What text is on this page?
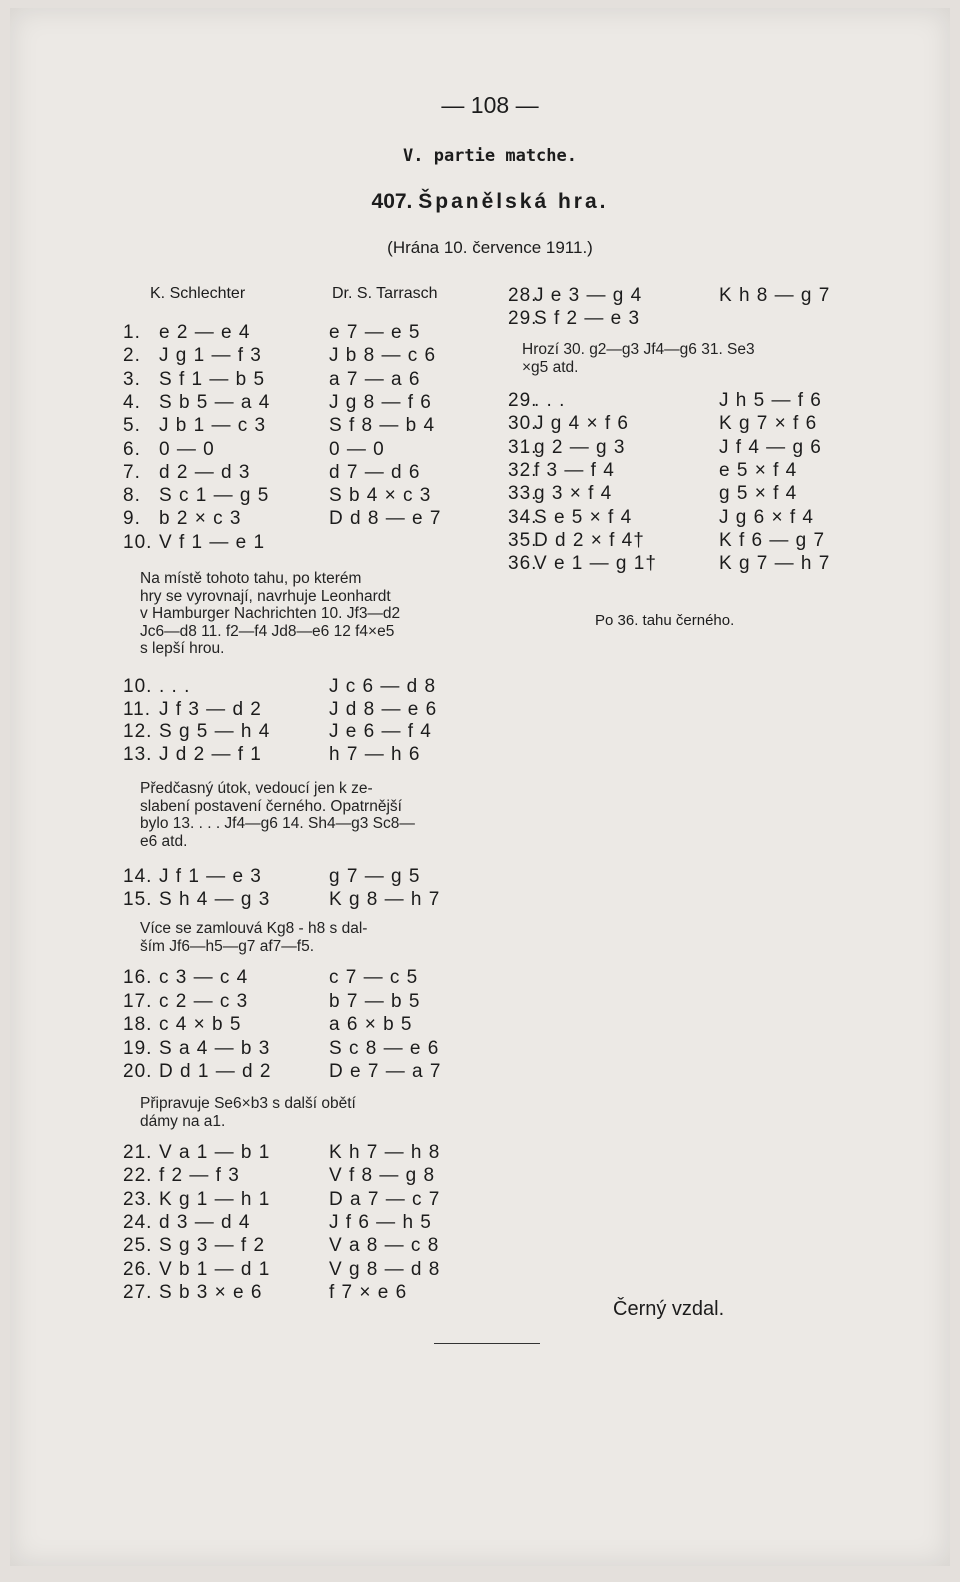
— 108 —
V. partie matche.
407. Španělská hra.
(Hrána 10. července 1911.)
K. Schlechter	Dr. S. Tarrasch
1. e 2 — e 4	e 7 — e 5
2. J g 1 — f 3	J b 8 — c 6
3. S f 1 — b 5	a 7 — a 6
4. S b 5 — a 4	J g 8 — f 6
5. J b 1 — c 3	S f 8 — b 4
6. 0 — 0	0 — 0
7. d 2 — d 3	d 7 — d 6
8. S c 1 — g 5	S b 4 × c 3
9. b 2 × c 3	D d 8 — e 7
10. V f 1 — e 1
Na místě tohoto tahu, po kterém
hry se vyrovnají, navrhuje Leonhardt
v Hamburger Nachrichten 10. Jf3—d2
Jc6—d8 11. f2—f4 Jd8—e6 12 f4×e5
s lepší hrou.
10. . . .	J c 6 — d 8
11. J f 3 — d 2	J d 8 — e 6
12. S g 5 — h 4	J e 6 — f 4
13. J d 2 — f 1	h 7 — h 6
Předčasný útok, vedoucí jen k ze-
slabení postavení černého. Opatrnější
bylo 13. . . . Jf4—g6 14. Sh4—g3 Sc8—
e6 atd.
14. J f 1 — e 3	g 7 — g 5
15. S h 4 — g 3	K g 8 — h 7
Více se zamlouvá Kg8 - h8 s dal-
ším Jf6—h5—g7 af7—f5.
16. c 3 — c 4	c 7 — c 5
17. c 2 — c 3	b 7 — b 5
18. c 4 × b 5	a 6 × b 5
19. S a 4 — b 3	S c 8 — e 6
20. D d 1 — d 2	D e 7 — a 7
Připravuje Se6×b3 s další obětí
dámy na a1.
21. V a 1 — b 1	K h 7 — h 8
22. f 2 — f 3	V f 8 — g 8
23. K g 1 — h 1	D a 7 — c 7
24. d 3 — d 4	J f 6 — h 5
25. S g 3 — f 2	V a 8 — c 8
26. V b 1 — d 1	V g 8 — d 8
27. S b 3 × e 6	f 7 × e 6
28.J e 3 — g 4	K h 8 — g 7
29.S f 2 — e 3
Hrozí 30. g2—g3 Jf4—g6 31. Se3
×g5 atd.
29.. . .	J h 5 — f 6
30.J g 4 × f 6	K g 7 × f 6
31.g 2 — g 3	J f 4 — g 6
32.f 3 — f 4	e 5 × f 4
33.g 3 × f 4	g 5 × f 4
34.S e 5 × f 4	J g 6 × f 4
35.D d 2 × f 4†	K f 6 — g 7
36.V e 1 — g 1†	K g 7 — h 7
Po 36. tahu černého.
Černý vzdal.
